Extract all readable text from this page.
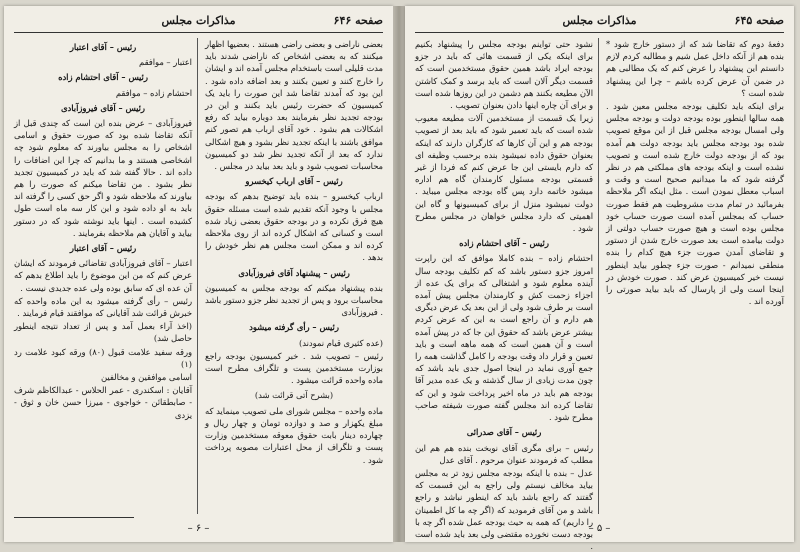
صفحه ۶۴۶
مذاکرات مجلس
بعضی ناراضی و بعضی راضی هستند . بعضیها اظهار میکنند که به بعضی اشخاص که ناراضی شدند باید مدت قلیلی است باستخدام مجلس آمده اند و ایشان را خارج کنند و تعیین بکنند و بعد اضافه داده شود . این بود که آمدند تقاضا شد این صورت را باید یک کمیسیون که حضرت رئیس باید بکنند و این در بودجه تجدید نظر بفرمایند بعد دوباره بیاید که رفع اشکالات هم بشود . خود آقای ارباب هم تصور کنم موافق باشند با اینکه تجدید نظر بشود و هیچ اشکالی ندارد که بعد از آنکه تجدید نظر شد دو کمیسیون محاسبات تصویب شود و باید بعد بیاید در مجلس .
رئیس – آقای ارباب کیخسرو
ارباب کیخسرو – بنده باید توضیح بدهم که بودجه مجلس با وجود آنکه تقدیم شده است مسئله حقوق هیچ فرق نکرده و در بودجه حقوق بعضی زیاد شده است و کسانی که اشکال کرده اند از روی ملاحظه کرده اند و ممکن است مجلس هم نظر خودش را بدهد .
رئیس – پیشنهاد آقای فیروزآبادی
بنده پیشنهاد میکنم که بودجه مجلس به کمیسیون محاسبات برود و پس از تجدید نظر جزو دستور باشد . فیروزآبادی
رئیس – رأی گرفته میشود
(عده کثیری قیام نمودند)
رئیس – تصویب شد . خبر کمیسیون بودجه راجع بوزارت مستخدمین پست و تلگراف مطرح است ماده واحده قرائت میشود .
(بشرح آتی قرائت شد)
ماده واحده – مجلس شورای ملی تصویب مینماید که مبلغ یکهزار و صد و دوازده تومان و چهار ریال و چهارده دینار بابت حقوق معوقه مستخدمین وزارت پست و تلگراف از محل اعتبارات مصوبه پرداخت شود .
رئیس – آقای اعتبار
اعتبار – موافقم
رئیس – آقای احتشام زاده
احتشام زاده – موافقم
رئیس – آقای فیروزآبادی
فیروزآبادی – عرض بنده این است که چندی قبل از آنکه تقاضا شده بود که صورت حقوق و اسامی اشخاص را به مجلس بیاورند که معلوم شود چه اشخاصی هستند و ما بدانیم که چرا این اضافات را داده اند . حالا گفته شد که باید در کمیسیون تجدید نظر بشود . من تقاضا میکنم که صورت را هم بیاورند که ملاحظه شود و اگر حق کسی را گرفته اند باید به او داده شود و این کار سه ماه است طول کشیده است . اینها باید نوشته شود که در دستور بیاید و آقایان هم ملاحظه بفرمایند .
رئیس – آقای اعتبار
اعتبار – آقای فیروزآبادی تقاضائی فرمودند که ایشان عرض کنم که من این موضوع را باید اطلاع بدهم که آن عده ای که سابق بوده ولی عده جدیدی نیست .
رئیس – رأی گرفته میشود به این ماده واحده که خبرش قرائت شد آقایانی که موافقند قیام فرمایند .
(اخذ آراء بعمل آمد و پس از تعداد نتیجه اینطور حاصل شد)
ورقه سفید علامت قبول (۸۰) ورقه کبود علامت رد (۱)
اسامی موافقین و مخالفین
آقایان : اسکندری - عمر الحلاس - عبدالکاظم شرف - صابطقائن - خواجوی - میرزا حسن خان و ثوق - یزدی
– ۶ –
صفحه ۶۴۵
مذاکرات مجلس
دفعهٔ دوم که تقاضا شد که از دستور خارج شود * بنده هم از آنکه داخل عمل شیم و مطالبه کردم لازم دانستم این پیشنهاد را عرض کنم که یک مطالبی هم در ضمن آن عرض کرده باشم – چرا این پیشنهاد شده است ؟
برای اینکه باید تکلیف بودجه مجلس معین شود . همه سالها اینطور بوده بودجه دولت و بودجه مجلس ولی امسال بودجه مجلس قبل از این موقع تصویب شده بود بودجه مجلس باید بودجه دولت هم آمده بود که از بودجه دولت خارج شده است و تصویب نشده است و اینکه بودجه های مملکتی هم در نظر گرفته شود که ما میدانیم صحیح است و وقت و اسباب معطل نمودن است . مثل اینکه اگر ملاحظه بفرمائید در تمام مدت مشروطیت هم فقط صورت حساب که بمجلس آمده است صورت حساب خود مجلس بوده است و هیچ صورت حساب دولتی از دولت بیامده است بعد صورت خارج شدن از دستور و تقاضای آمدن صورت جزء هیچ کدام را بنده منطقی نمیدانم - صورت جزء چطور بیاید اینطور نیست خیر کمیسیون عرض کند . صورت خودش در اینجا است ولی از پارسال که باید بیاید صورتی را آورده اند .
نشود حتی تواینم بودجه مجلس را پیشنهاد بکنیم برای اینکه یکی از قسمت هائی که باید در جزو بودجه ایراد باشد همین حقوق مستخدمین است که قسمت دیگر آلان است که باید برسد و کمک کاشتن الآن مطیعه بکنند هم دشمن در این روزها شده است و برای آن چاره اینها دادن بعنوان تصویب .
زیرا یک قسمت از مستخدمین آلات مطیعه معیوب شده است که باید تعمیر شود که باید بعد از تصویب بودجه هم و این آن کارها که کارگران دارند که اینکه بعنوان حقوق داده نمیشود بنده برحسب وظیفه ای که دارم بایستی این جا عرض کنم که فردا از غیر قسمتی بودجه مسئول کارمندان گاه هم اداره میشود خاتمه دارد پس گاه بودجه مجلس میباید . دولت نمیشود منزل از برای کمیسیونها و گاه این اهمیتی که دارد مجلس خواهان در مجلس مطرح شود .
رئیس – آقای احتشام زاده
احتشام زاده – بنده کاملا موافق که این راپرت امروز جزو دستور باشد که کم تکلیف بودجه سال آینده معلوم شود و اشتغالی که برای یک عده از اجزاء زحمت کش و کارمندان مجلس پیش آمده است بر طرف شود ولی از این بعد یک عرض دیگری هم دارم و آن راجع است به این که عرض کردم بیشتر عرض باشد که حقوق این جا که در پیش آمده است و آن همین است که همه ماهه است و باید تعیین و قرار داد وقت بودجه را کامل گذاشت همه را جمع آوری نماید در اینجا اصول جدی باید باشد که چون مدت زیادی از سال گذشته و یک عده مدیر آقا بودجه هم باید در ماه اخیر پرداخت شود و این که تقاضا کرده اند مجلس گفته صورت شیفته صاحب مطرح شود .
رئیس – آقای صدرائی
رئیس – برای مگری آقای نوبخت بنده هم هم این مطلب که فرمودند عنوان مرحوم . آقای عدل
عدل – بنده با اینکه بودجه مجلس زود تر به مجلس بیاید مخالف نیستم ولی راجع به این قسمت که گفتند که راجع باشد باید که اینطور نباشد و راجع باشد و من آقای فرمودید که (اگر چه ما کل اطمینان را داریم) که همه به حیث بودجه عمل شده اگر چه با بودجه دست نخورده مقتضی ولی بعد باید شده است .
– ۵ –
